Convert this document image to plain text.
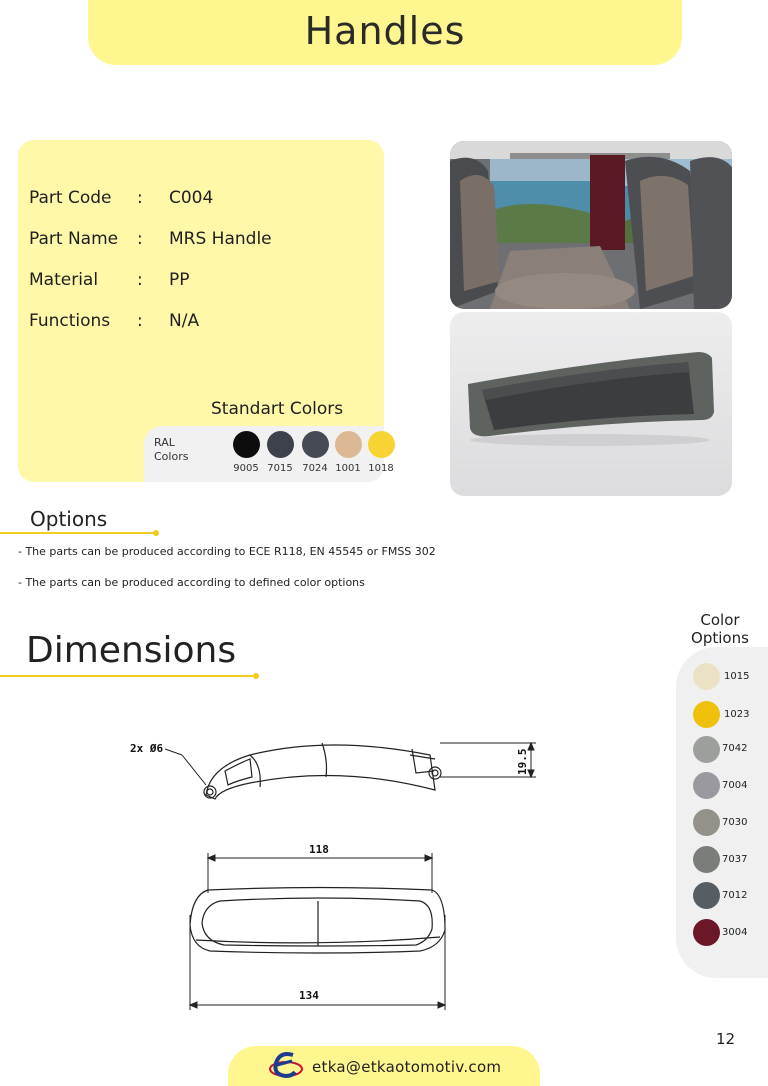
Handles
Part Code	: C004
Part Name	: MRS Handle
Material	: PP
Functions	: N/A
Standart Colors
RAL
Colors
9005 7015 7024 1001 1018
Options
- The parts can be produced according to ECE R118, EN 45545 or FMSS 302
- The parts can be produced according to defined color options
Dimensions
2x Ø6	19.5
118
134
Color
Options
1015
1023
7042
7004
7030
7037
7012
3004
12
etka@etkaotomotiv.com
